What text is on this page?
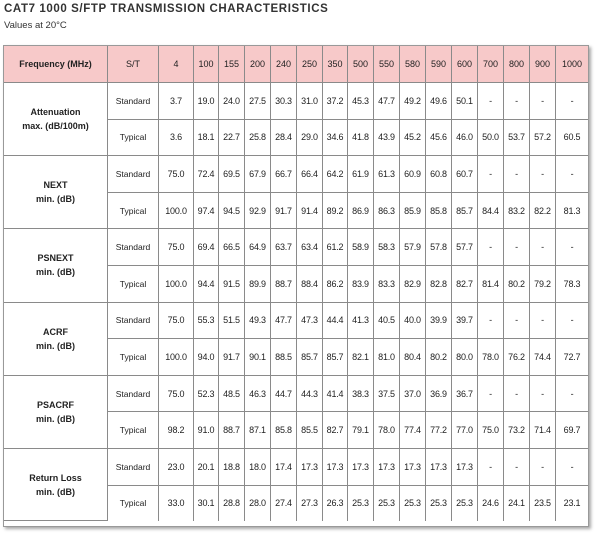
CAT7 1000 S/FTP TRANSMISSION CHARACTERISTICS
Values at 20°C
Frequency (MHz)	S/T	4	100	155	200	240	250	350	500	550	580	590	600	700	800	900	1000

Attenuation
max. (dB/100m)	Standard	3.7	19.0	24.0	27.5	30.3	31.0	37.2	45.3	47.7	49.2	49.6	50.1	-	-	-	-
	Typical	3.6	18.1	22.7	25.8	28.4	29.0	34.6	41.8	43.9	45.2	45.6	46.0	50.0	53.7	57.2	60.5

NEXT
min. (dB)	Standard	75.0	72.4	69.5	67.9	66.7	66.4	64.2	61.9	61.3	60.9	60.8	60.7	-	-	-	-
	Typical	100.0	97.4	94.5	92.9	91.7	91.4	89.2	86.9	86.3	85.9	85.8	85.7	84.4	83.2	82.2	81.3

PSNEXT
min. (dB)	Standard	75.0	69.4	66.5	64.9	63.7	63.4	61.2	58.9	58.3	57.9	57.8	57.7	-	-	-	-
	Typical	100.0	94.4	91.5	89.9	88.7	88.4	86.2	83.9	83.3	82.9	82.8	82.7	81.4	80.2	79.2	78.3

ACRF
min. (dB)	Standard	75.0	55.3	51.5	49.3	47.7	47.3	44.4	41.3	40.5	40.0	39.9	39.7	-	-	-	-
	Typical	100.0	94.0	91.7	90.1	88.5	85.7	85.7	82.1	81.0	80.4	80.2	80.0	78.0	76.2	74.4	72.7

PSACRF
min. (dB)	Standard	75.0	52.3	48.5	46.3	44.7	44.3	41.4	38.3	37.5	37.0	36.9	36.7	-	-	-	-
	Typical	98.2	91.0	88.7	87.1	85.8	85.5	82.7	79.1	78.0	77.4	77.2	77.0	75.0	73.2	71.4	69.7

Return Loss
min. (dB)	Standard	23.0	20.1	18.8	18.0	17.4	17.3	17.3	17.3	17.3	17.3	17.3	17.3	-	-	-	-
	Typical	33.0	30.1	28.8	28.0	27.4	27.3	26.3	25.3	25.3	25.3	25.3	25.3	24.6	24.1	23.5	23.1
